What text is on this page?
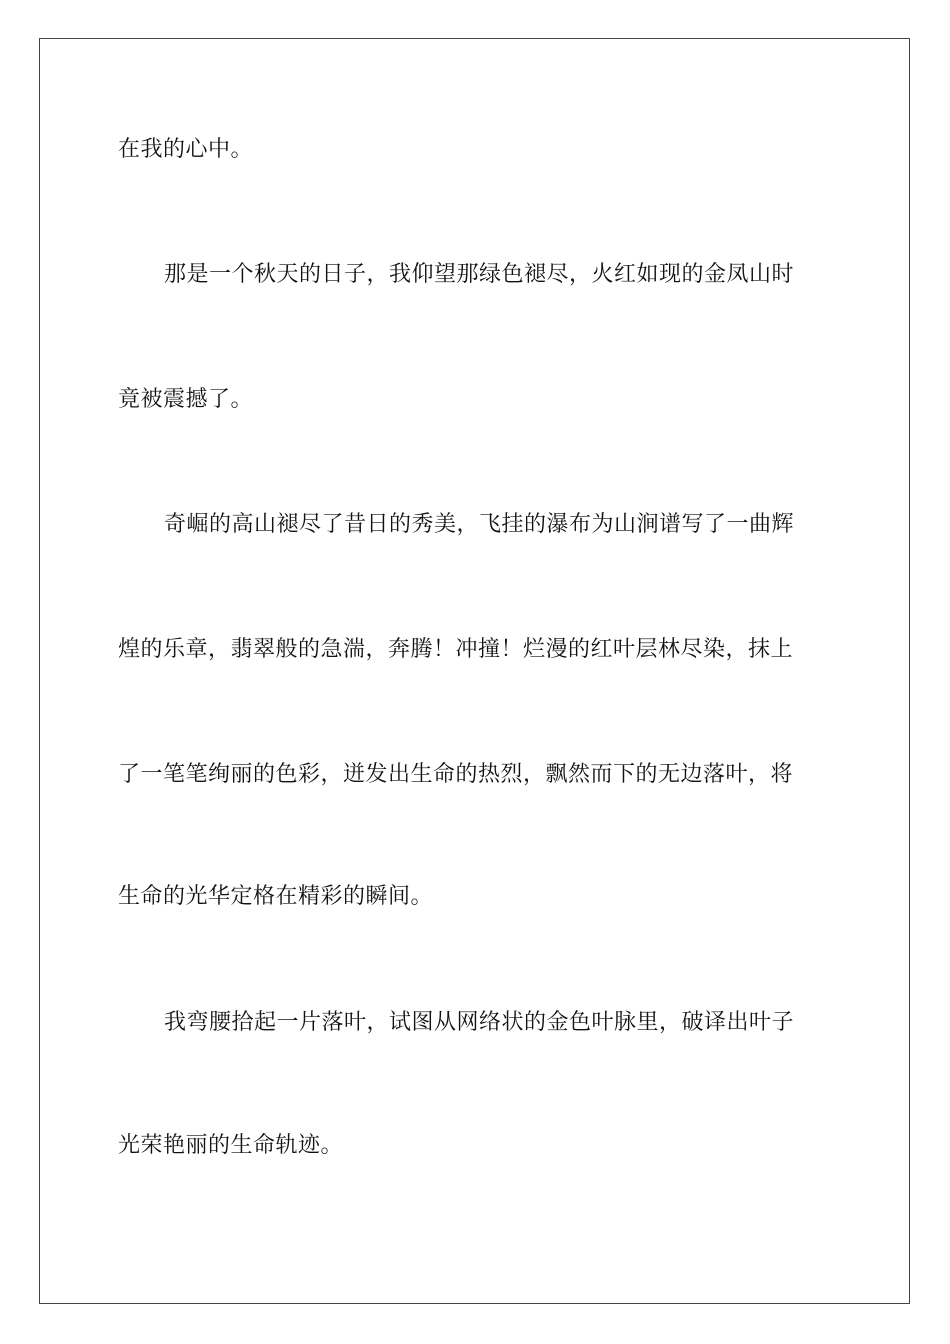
在我的心中。
那是一个秋天的日子，我仰望那绿色褪尽，火红如现的金凤山时
竟被震撼了。
奇崛的高山褪尽了昔日的秀美，飞挂的瀑布为山涧谱写了一曲辉
煌的乐章，翡翠般的急湍，奔腾！冲撞！烂漫的红叶层林尽染，抹上
了一笔笔绚丽的色彩，迸发出生命的热烈，飘然而下的无边落叶，将
生命的光华定格在精彩的瞬间。
我弯腰拾起一片落叶，试图从网络状的金色叶脉里，破译出叶子
光荣艳丽的生命轨迹。
